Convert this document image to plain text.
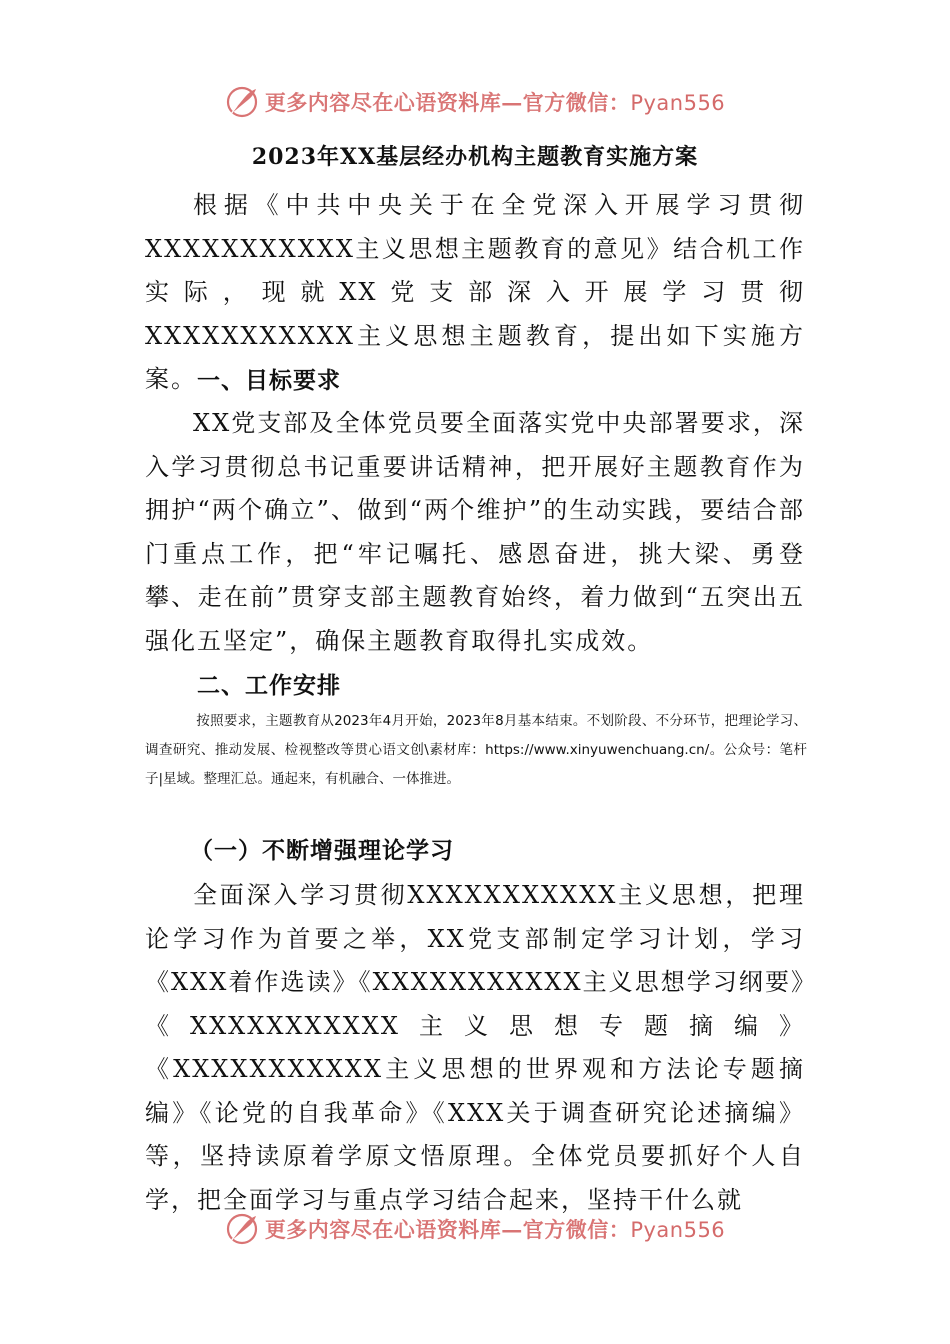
更多内容尽在心语资料库—官方微信：Pyan556
2023年XX基层经办机构主题教育实施方案

根据《中共中央关于在全党深入开展学习贯彻XXXXXXXXXXX主义思想主题教育的意见》结合机工作实际，现就XX党支部深入开展学习贯彻XXXXXXXXXXX主义思想主题教育，提出如下实施方案。 一、目标要求

XX党支部及全体党员要全面落实党中央部署要求，深入学习贯彻总书记重要讲话精神，把开展好主题教育作为拥护“两个确立”、做到“两个维护”的生动实践，要结合部门重点工作，把“牢记嘱托、感恩奋进，挑大梁、勇登攀、走在前”贯穿支部主题教育始终，着力做到“五突出五强化五坚定”，确保主题教育取得扎实成效。

二、工作安排

按照要求，主题教育从2023年4月开始，2023年8月基本结束。不划阶段、不分环节，把理论学习、调查研究、推动发展、检视整改等贯心语文创\素材库：https://www.xinyuwenchuang.cn/。公众号：笔杆子|星域。整理汇总。通起来，有机融合、一体推进。

（一）不断增强理论学习

全面深入学习贯彻XXXXXXXXXXX主义思想，把理论学习作为首要之举，XX党支部制定学习计划，学习《XXX着作选读》《XXXXXXXXXXX主义思想学习纲要》《XXXXXXXXXXX主义思想专题摘编》《XXXXXXXXXXX主义思想的世界观和方法论专题摘编》《论党的自我革命》《XXX关于调查研究论述摘编》等，坚持读原着学原文悟原理。全体党员要抓好个人自学，把全面学习与重点学习结合起来，坚持干什么就

更多内容尽在心语资料库—官方微信：Pyan556
